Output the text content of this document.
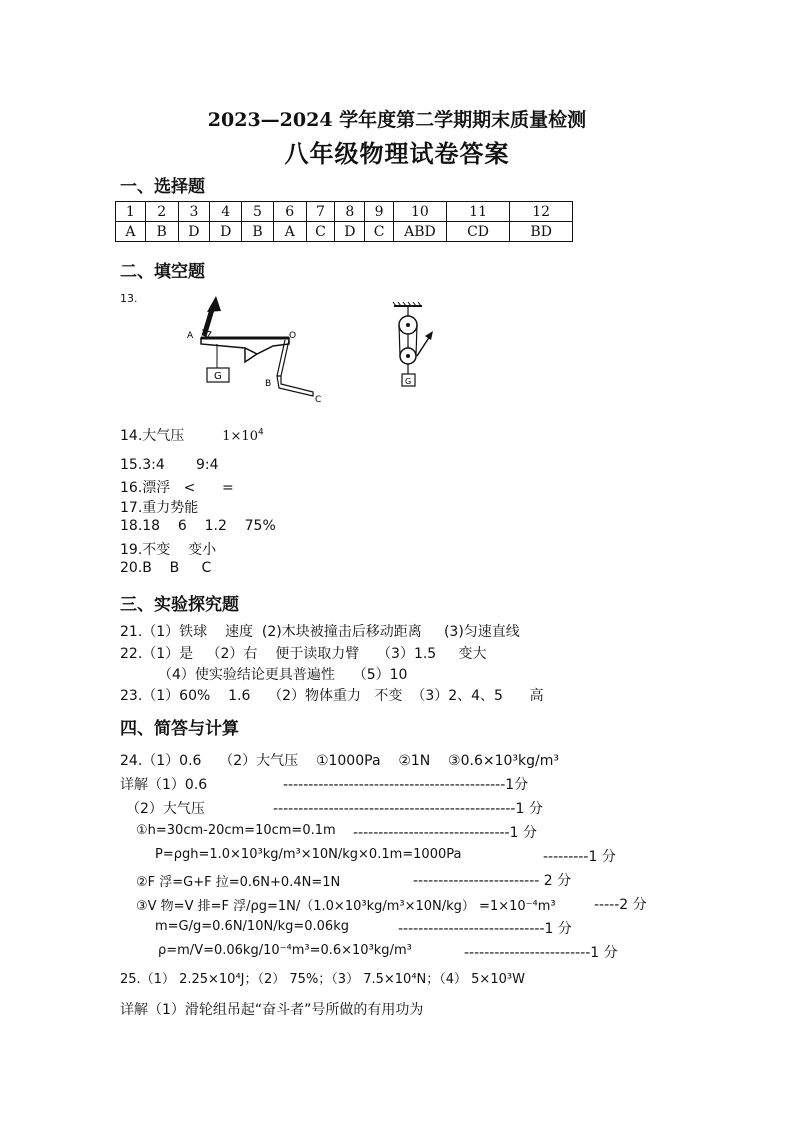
2023—2024 学年度第二学期期末质量检测
八年级物理试卷答案
一、选择题
1	2	3	4	5	6	7	8	9	10	11	12
A	B	D	D	B	A	C	D	C	ABD	CD	BD
二、填空题
13.
G
A	O
B
C
G
14.大气压	$1\times 10^4$
15.3:4       9:4
16.漂浮   <      =
17.重力势能
18.18    6    1.2    75%
19.不变    变小
20.B    B     C
三、实验探究题
21.（1）铁球    速度  (2)木块被撞击后移动距离     (3)匀速直线
22.（1）是   （2）右    便于读取力臂    （3）1.5     变大
（4）使实验结论更具普遍性    （5）10
23.（1）60%    1.6    （2）物体重力   不变  （3）2、4、5      高
四、简答与计算
24.（1）0.6    （2）大气压    ①1000Pa    ②1N    ③0.6×10³kg/m³
详解（1）0.6	--------------------------------------------1分
（2）大气压	------------------------------------------------1 分
①h=30cm-20cm=10cm=0.1m -------------------------------1 分
P=ρgh=1.0×10³kg/m³×10N/kg×0.1m=1000Pa	---------1 分
②F 浮=G+F 拉=0.6N+0.4N=1N	------------------------- 2 分
③V 物=V 排=F 浮/ρg=1N/（1.0×10³kg/m³×10N/kg） =1×10⁻⁴m³	-----2 分
m=G/g=0.6N/10N/kg=0.06kg	-----------------------------1 分
ρ=m/V=0.06kg/10⁻⁴m³=0.6×10³kg/m³	-------------------------1 分
25.（1） 2.25×10⁴J；（2） 75%；（3） 7.5×10⁴N；（4） 5×10³W
详解（1）滑轮组吊起“奋斗者”号所做的有用功为
